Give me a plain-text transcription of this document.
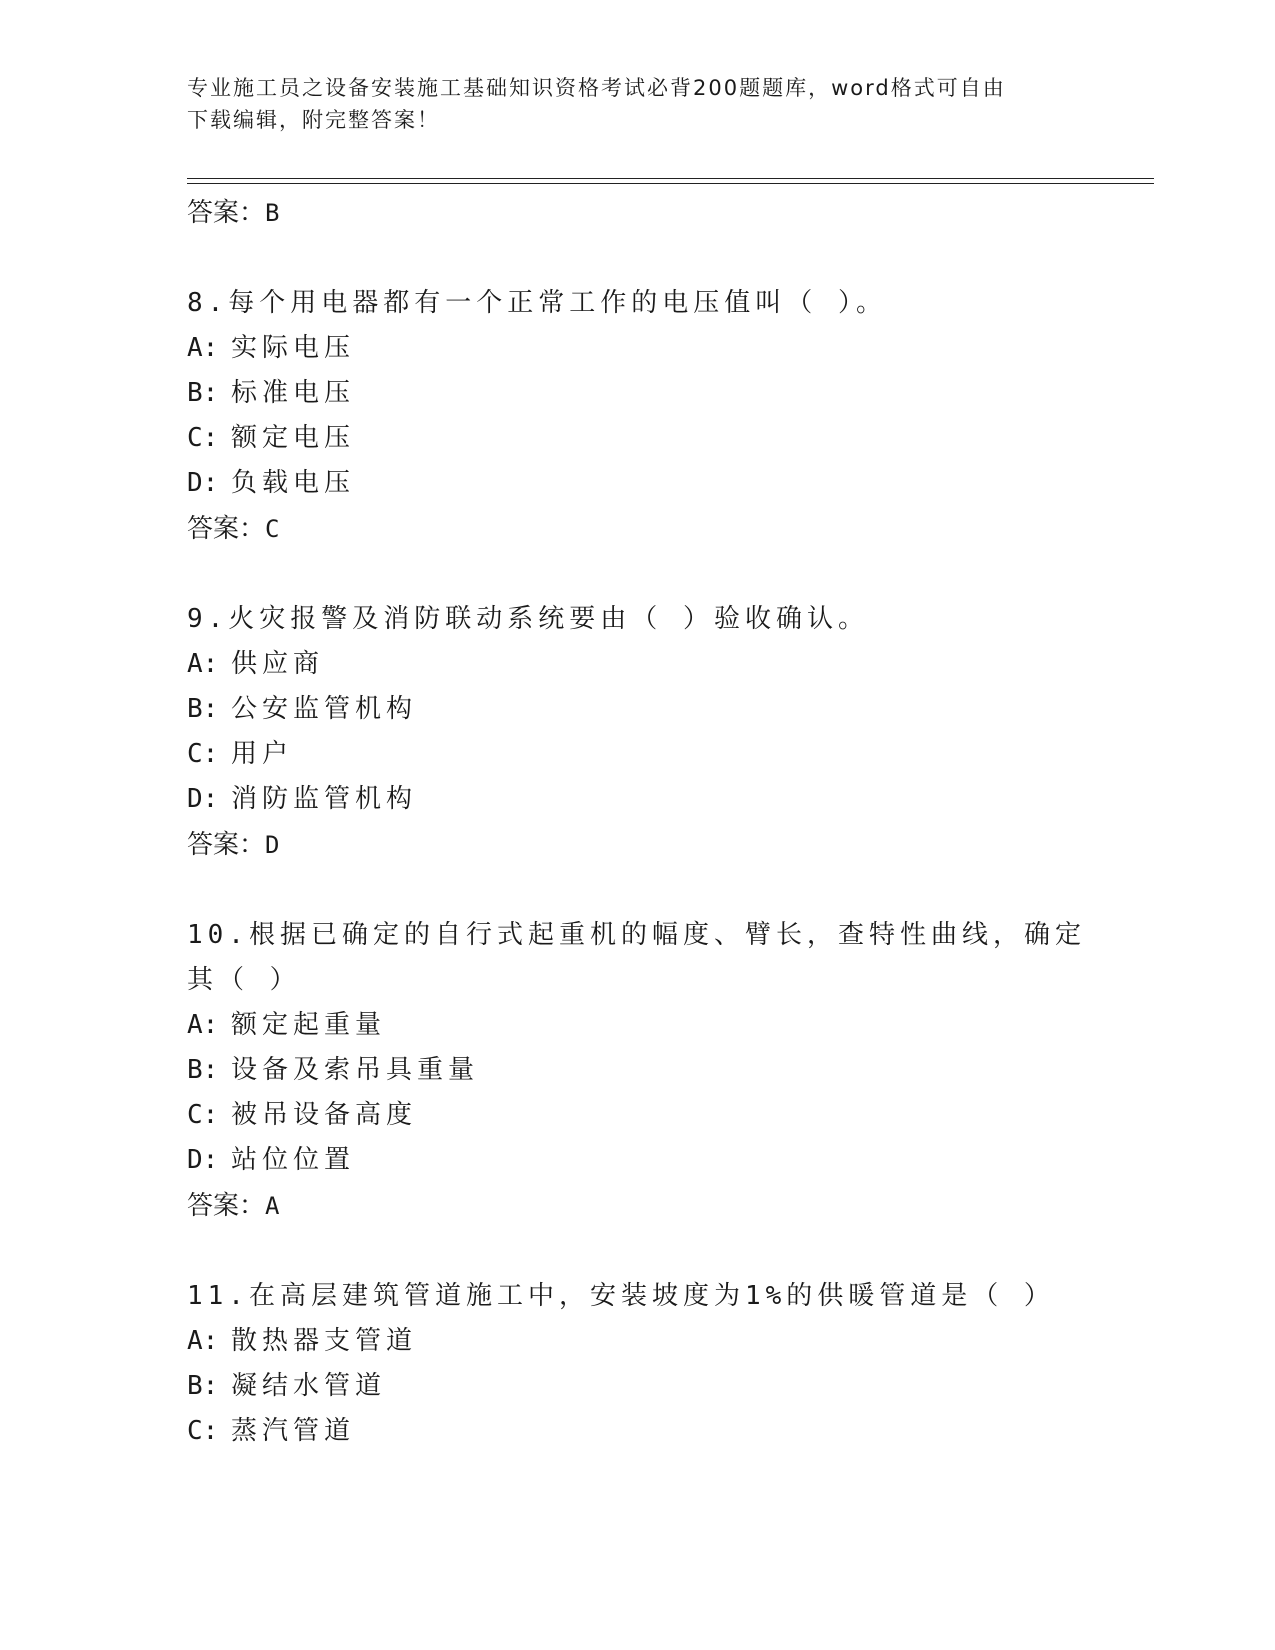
专业施工员之设备安装施工基础知识资格考试必背200题题库，word格式可自由
下载编辑，附完整答案！
答案：B
8.每个用电器都有一个正常工作的电压值叫（ ）。
A: 实际电压
B: 标准电压
C: 额定电压
D: 负载电压
答案：C
9.火灾报警及消防联动系统要由（ ）验收确认。
A: 供应商
B: 公安监管机构
C: 用户
D: 消防监管机构
答案：D
10.根据已确定的自行式起重机的幅度、臂长，查特性曲线，确定其（ ）
A: 额定起重量
B: 设备及索吊具重量
C: 被吊设备高度
D: 站位位置
答案：A
11.在高层建筑管道施工中，安装坡度为1%的供暖管道是（ ）
A: 散热器支管道
B: 凝结水管道
C: 蒸汽管道
